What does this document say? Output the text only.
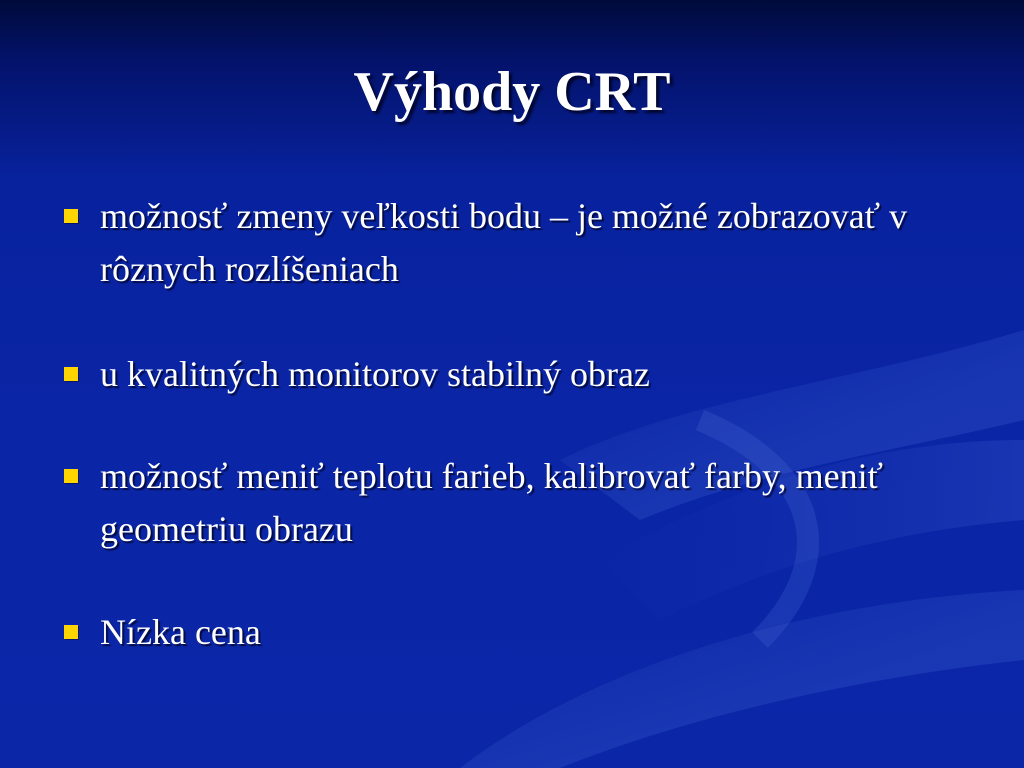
Výhody CRT
možnosť zmeny veľkosti bodu – je možné zobrazovať v rôznych rozlíšeniach
u kvalitných monitorov stabilný obraz
možnosť meniť teplotu farieb, kalibrovať farby, meniť geometriu obrazu
Nízka cena
